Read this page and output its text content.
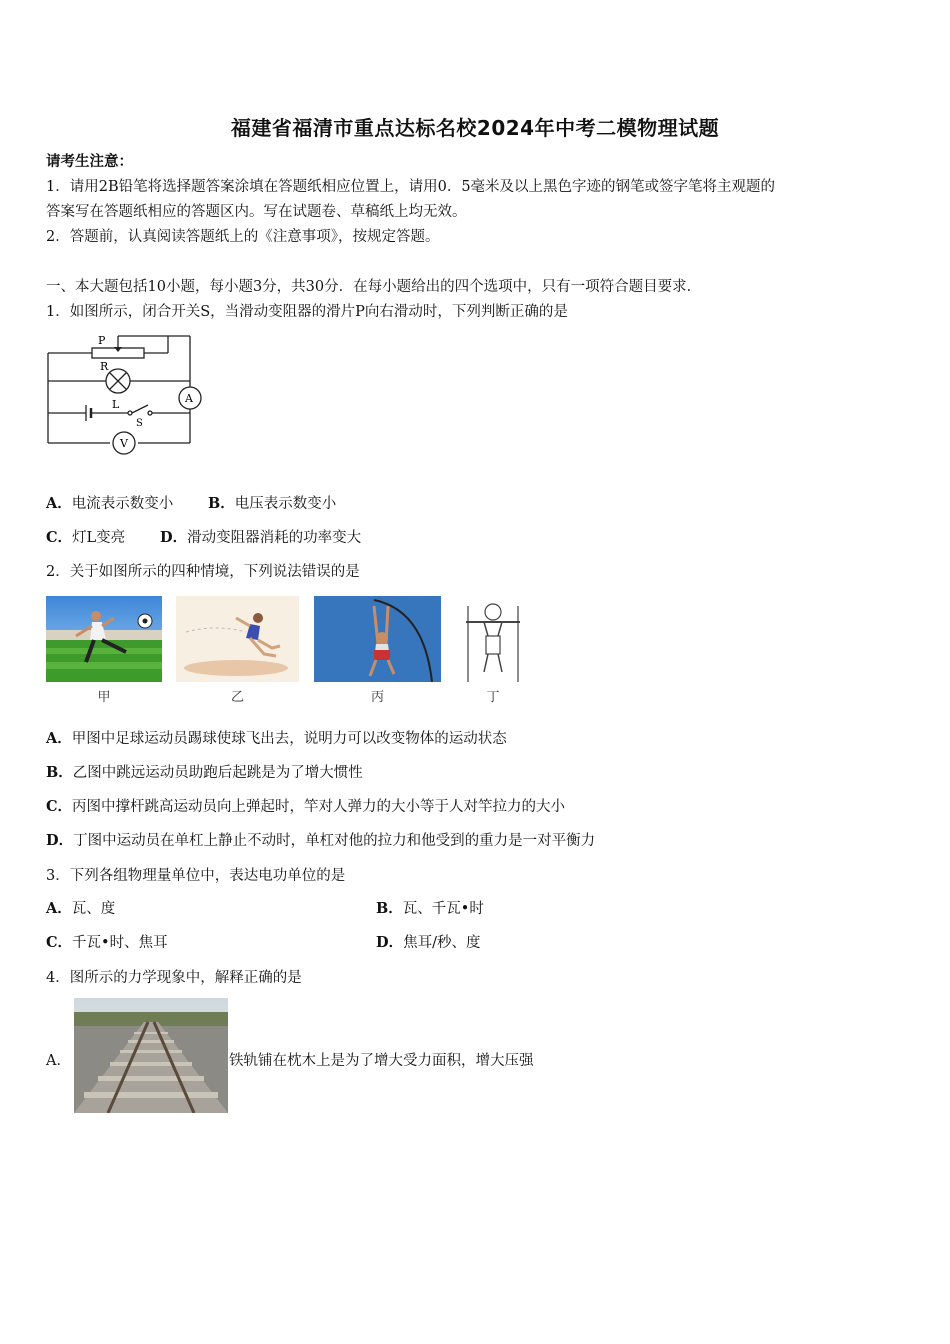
福建省福清市重点达标名校2024年中考二模物理试题
请考生注意：
1．请用2B铅笔将选择题答案涂填在答题纸相应位置上，请用0．5毫米及以上黑色字迹的钢笔或签字笔将主观题的
答案写在答题纸相应的答题区内。写在试题卷、草稿纸上均无效。
2．答题前，认真阅读答题纸上的《注意事项》，按规定答题。
一、本大题包括10小题，每小题3分，共30分．在每小题给出的四个选项中，只有一项符合题目要求．
1．如图所示，闭合开关S，当滑动变阻器的滑片P向右滑动时，下列判断正确的是
P
R
L
S
A
V
A．电流表示数变小 B．电压表示数变小
C．灯L变亮 D．滑动变阻器消耗的功率变大
2．关于如图所示的四种情境，下列说法错误的是
甲	乙	丙	丁
A．甲图中足球运动员踢球使球飞出去，说明力可以改变物体的运动状态
B．乙图中跳远运动员助跑后起跳是为了增大惯性
C．丙图中撑杆跳高运动员向上弹起时，竿对人弹力的大小等于人对竿拉力的大小
D．丁图中运动员在单杠上静止不动时，单杠对他的拉力和他受到的重力是一对平衡力
3．下列各组物理量单位中，表达电功单位的是
A．瓦、度	B．瓦、千瓦•时
C．千瓦•时、焦耳	D．焦耳/秒、度
4．图所示的力学现象中，解释正确的是
A．	铁轨铺在枕木上是为了增大受力面积，增大压强
